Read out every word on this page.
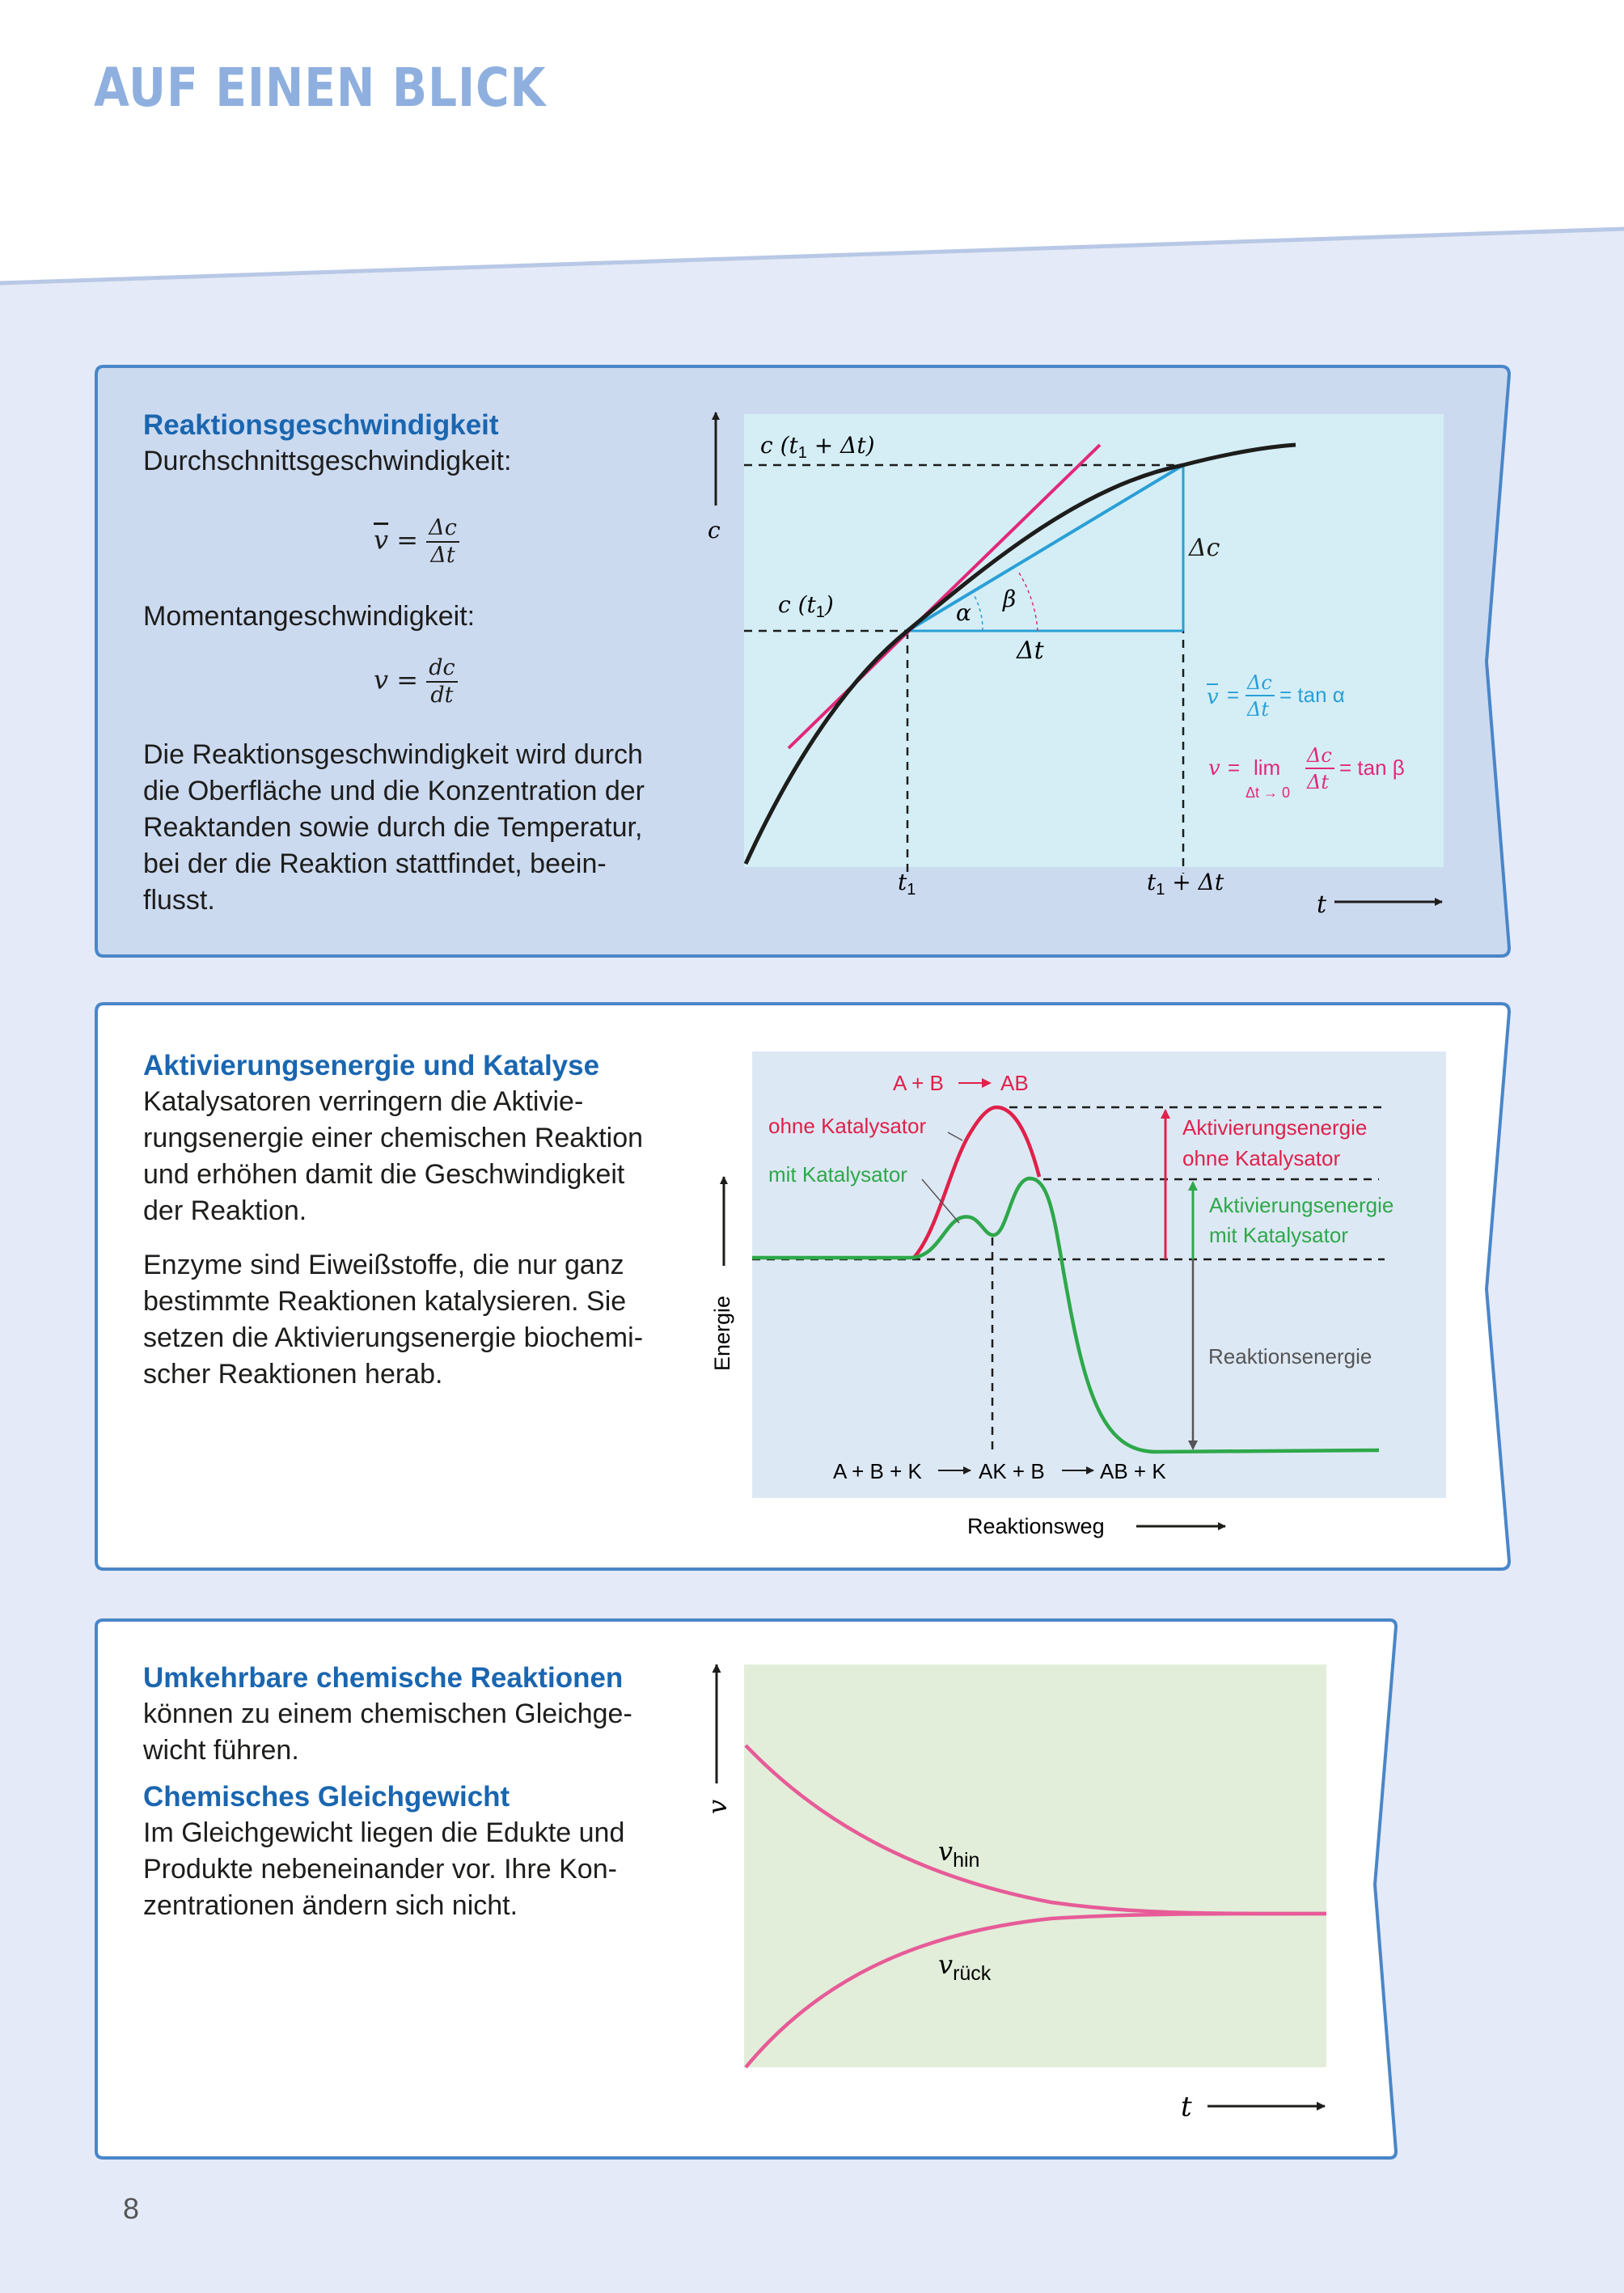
AUF EINEN BLICK
Reaktionsgeschwindigkeit
Durchschnittsgeschwindigkeit:
$\overline{v} = \frac{\Delta c}{\Delta t}$
Momentangeschwindigkeit:
$v = \frac{dc}{dt}$
Die Reaktionsgeschwindigkeit wird durch
die Oberfläche und die Konzentration der
Reaktanden sowie durch die Temperatur,
bei der die Reaktion stattfindet, beein-
flusst.
c
t
c $(t_1 + \Delta t)$
c $(t_1)$
Δc
Δt
α
β
$t_1$	$t_1 + \Delta t$
v = Δc
Δt
= tan α
v = lim
Δt → 0
Δc
Δt
= tan β
Aktivierungsenergie und Katalyse
Katalysatoren verringern die Aktivie-
rungsenergie einer chemischen Reaktion
und erhöhen damit die Geschwindigkeit
der Reaktion.
Enzyme sind Eiweißstoffe, die nur ganz
bestimmte Reaktionen katalysieren. Sie
setzen die Aktivierungsenergie biochemi-
scher Reaktionen herab.
Energie
Reaktionsweg
A + B	AB
ohne Katalysator
mit Katalysator
Aktivierungsenergie
ohne Katalysator
Aktivierungsenergie
mit Katalysator
Reaktionsenergie
A + B + K	AK + B	AB + K
Umkehrbare chemische Reaktionen
können zu einem chemischen Gleichge-
wicht führen.
Chemisches Gleichgewicht
Im Gleichgewicht liegen die Edukte und
Produkte nebeneinander vor. Ihre Kon-
zentrationen ändern sich nicht.
v
t
$v_{hin}$
$v_{rück}$
8
